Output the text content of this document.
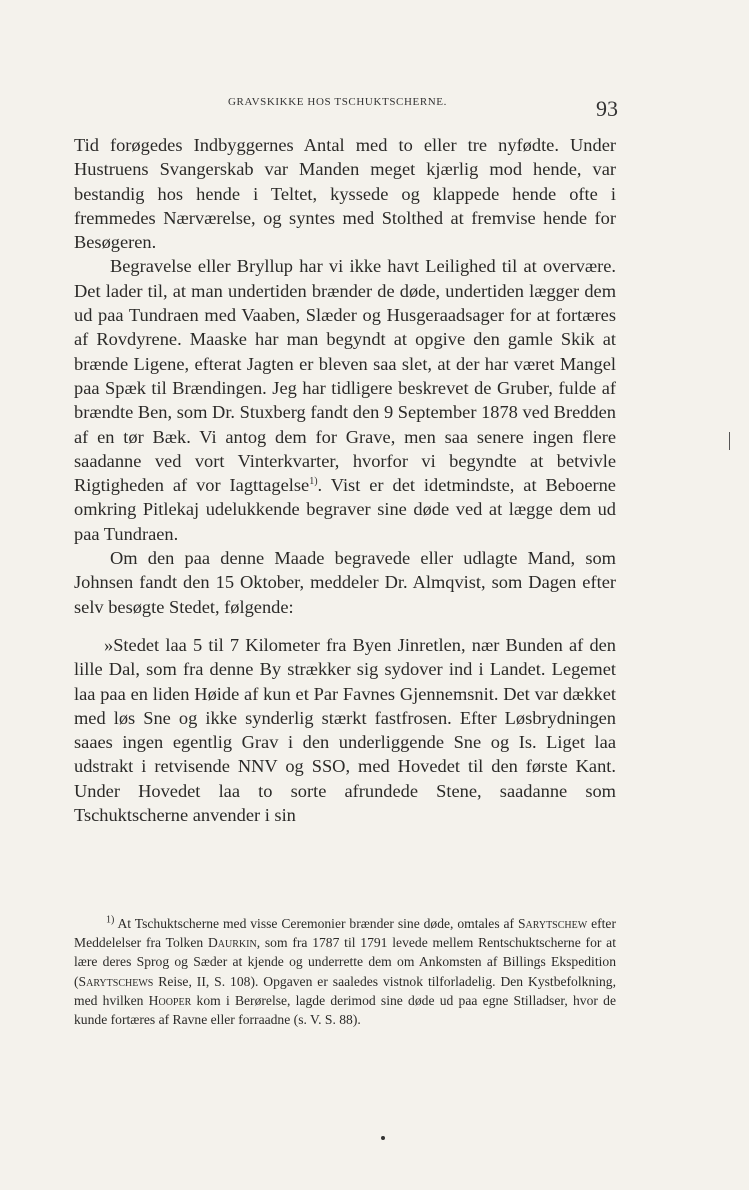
GRAVSKIKKE HOS TSCHUKTSCHERNE.	93

Tid forøgedes Indbyggernes Antal med to eller tre nyfødte. Under Hustruens Svangerskab var Manden meget kjærlig mod hende, var bestandig hos hende i Teltet, kyssede og klappede hende ofte i fremmedes Nærværelse, og syntes med Stolthed at fremvise hende for Besøgeren.

Begravelse eller Bryllup har vi ikke havt Leilighed til at overvære. Det lader til, at man undertiden brænder de døde, undertiden lægger dem ud paa Tundraen med Vaaben, Slæder og Husgeraadsager for at fortæres af Rovdyrene. Maaske har man begyndt at opgive den gamle Skik at brænde Ligene, efterat Jagten er bleven saa slet, at der har været Mangel paa Spæk til Brændingen. Jeg har tidligere beskrevet de Gruber, fulde af brændte Ben, som Dr. Stuxberg fandt den 9 September 1878 ved Bredden af en tør Bæk. Vi antog dem for Grave, men saa senere ingen flere saadanne ved vort Vinterkvarter, hvorfor vi begyndte at betvivle Rigtigheden af vor Iagttagelse$^{1)}$. Vist er det idetmindste, at Beboerne omkring Pitlekaj udelukkende begraver sine døde ved at lægge dem ud paa Tundraen.

Om den paa denne Maade begravede eller udlagte Mand, som Johnsen fandt den 15 Oktober, meddeler Dr. Almqvist, som Dagen efter selv besøgte Stedet, følgende:

»Stedet laa 5 til 7 Kilometer fra Byen Jinretlen, nær Bunden af den lille Dal, som fra denne By strækker sig sydover ind i Landet. Legemet laa paa en liden Høide af kun et Par Favnes Gjennemsnit. Det var dækket med løs Sne og ikke synderlig stærkt fastfrosen. Efter Løsbrydningen saaes ingen egentlig Grav i den underliggende Sne og Is. Liget laa udstrakt i retvisende NNV og SSO, med Hovedet til den første Kant. Under Hovedet laa to sorte afrundede Stene, saadanne som Tschuktscherne anvender i sin

$^{1)}$ At Tschuktscherne med visse Ceremonier brænder sine døde, omtales af Sarytschew efter Meddelelser fra Tolken Daurkin, som fra 1787 til 1791 levede mellem Rentschuktscherne for at lære deres Sprog og Sæder at kjende og underrette dem om Ankomsten af Billings Ekspedition (Sarytschews Reise, II, S. 108). Opgaven er saaledes vistnok tilforladelig. Den Kystbefolkning, med hvilken Hooper kom i Berørelse, lagde derimod sine døde ud paa egne Stilladser, hvor de kunde fortæres af Ravne eller forraadne (s. V. S. 88).
